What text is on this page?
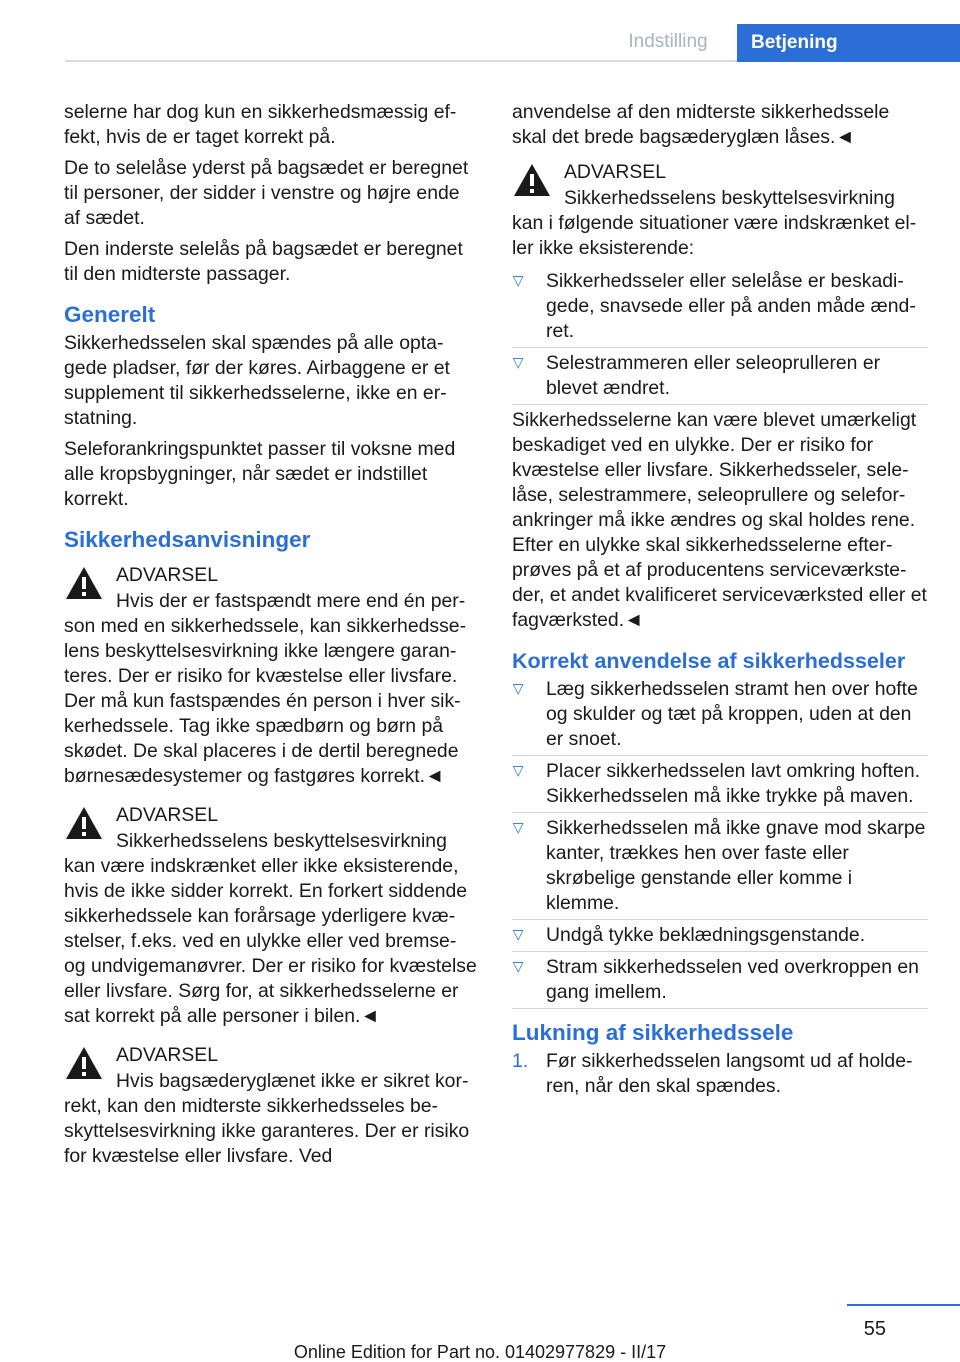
Indstilling	Betjening

selerne har dog kun en sikkerhedsmæssig effekt, hvis de er taget korrekt på.

De to selelåse yderst på bagsædet er beregnet til personer, der sidder i venstre og højre ende af sædet.

Den inderste selelås på bagsædet er beregnet til den midterste passager.

Generelt

Sikkerhedsselen skal spændes på alle optagede pladser, før der køres. Airbaggene er et supplement til sikkerhedsselerne, ikke en erstatning.

Seleforankringspunktet passer til voksne med alle kropsbygninger, når sædet er indstillet korrekt.

Sikkerhedsanvisninger
ADVARSEL
Hvis der er fastspændt mere end én person med en sikkerhedssele, kan sikkerhedsselens beskyttelsesvirkning ikke længere garanteres. Der er risiko for kvæstelse eller livsfare. Der må kun fastspændes én person i hver sikkerhedssele. Tag ikke spædbørn og børn på skødet. De skal placeres i de dertil beregnede børnesædesystemer og fastgøres korrekt.◄
ADVARSEL
Sikkerhedsselens beskyttelsesvirkning kan være indskrænket eller ikke eksisterende, hvis de ikke sidder korrekt. En forkert siddende sikkerhedssele kan forårsage yderligere kvæstelser, f.eks. ved en ulykke eller ved bremse- og undvigemanøvrer. Der er risiko for kvæstelse eller livsfare. Sørg for, at sikkerhedsselerne er sat korrekt på alle personer i bilen.◄
ADVARSEL
Hvis bagsæderyglænet ikke er sikret korrekt, kan den midterste sikkerhedsseles beskyttelsesvirkning ikke garanteres. Der er risiko for kvæstelse eller livsfare. Ved

anvendelse af den midterste sikkerhedssele skal det brede bagsæderyglæn låses.◄

ADVARSEL
Sikkerhedsselens beskyttelsesvirkning kan i følgende situationer være indskrænket eller ikke eksisterende:
▷ Sikkerhedsseler eller selelåse er beskadigede, snavsede eller på anden måde ændret.
▷ Selestrammeren eller seleoprulleren er blevet ændret.

Sikkerhedsselerne kan være blevet umærkeligt beskadiget ved en ulykke. Der er risiko for kvæstelse eller livsfare. Sikkerhedsseler, selelåse, selestrammere, seleoprullere og seleforankringer må ikke ændres og skal holdes rene. Efter en ulykke skal sikkerhedsselerne efterprøves på et af producentens serviceværksteder, et andet kvalificeret serviceværksted eller et fagværksted.◄

Korrekt anvendelse af sikkerhedsseler
▷ Læg sikkerhedsselen stramt hen over hofte og skulder og tæt på kroppen, uden at den er snoet.
▷ Placer sikkerhedsselen lavt omkring hoften. Sikkerhedsselen må ikke trykke på maven.
▷ Sikkerhedsselen må ikke gnave mod skarpe kanter, trækkes hen over faste eller skrøbelige genstande eller komme i klemme.
▷ Undgå tykke beklædningsgenstande.
▷ Stram sikkerhedsselen ved overkroppen en gang imellem.
Lukning af sikkerhedssele
1. Før sikkerhedsselen langsomt ud af holderen, når den skal spændes.
55
Online Edition for Part no. 01402977829 - II/17
